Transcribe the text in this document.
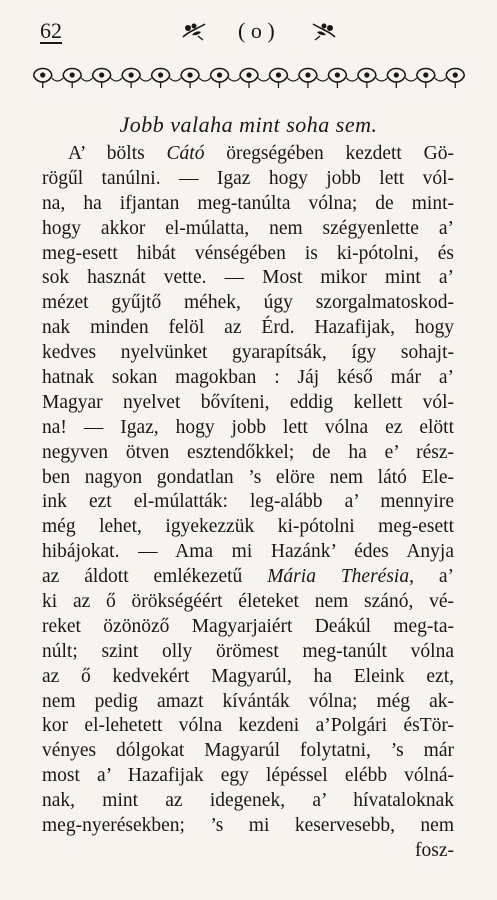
62	( o )
Jobb valaha mint soha sem.
A’ bölts Cátó öregségében kezdett Gö-
rögűl tanúlni. — Igaz hogy jobb lett vól-
na, ha ifjantan meg-tanúlta vólna; de mint-
hogy akkor el-múlatta, nem szégyenlette a’
meg-esett hibát vénségében is ki-pótolni, és
sok hasznát vette. — Most mikor mint a’
mézet gyűjtő méhek, úgy szorgalmatoskod-
nak minden felöl az Érd. Hazafijak, hogy
kedves nyelvünket gyarapítsák, így sohajt-
hatnak sokan magokban : Jáj késő már a’
Magyar nyelvet bővíteni, eddig kellett vól-
na! — Igaz, hogy jobb lett vólna ez elött
negyven ötven esztendőkkel; de ha e’ rész-
ben nagyon gondatlan ’s elöre nem látó Ele-
ink ezt el-múlatták: leg-alább a’ mennyire
még lehet, igyekezzük ki-pótolni meg-esett
hibájokat. — Ama mi Hazánk’ édes Anyja
az áldott emlékezetű Mária Therésia, a’
ki az ő örökségéért életeket nem szánó, vé-
reket özönöző Magyarjaiért Deákúl meg-ta-
núlt; szint olly örömest meg-tanúlt vólna
az ő kedvekért Magyarúl, ha Eleink ezt,
nem pedig amazt kívánták vólna; még ak-
kor el-lehetett vólna kezdeni a’Polgári ésTör-
vényes dólgokat Magyarúl folytatni, ’s már
most a’ Hazafijak egy lépéssel elébb vólná-
nak, mint az idegenek, a’ hívataloknak
meg-nyerésekben; ’s mi keservesebb, nem
fosz-
